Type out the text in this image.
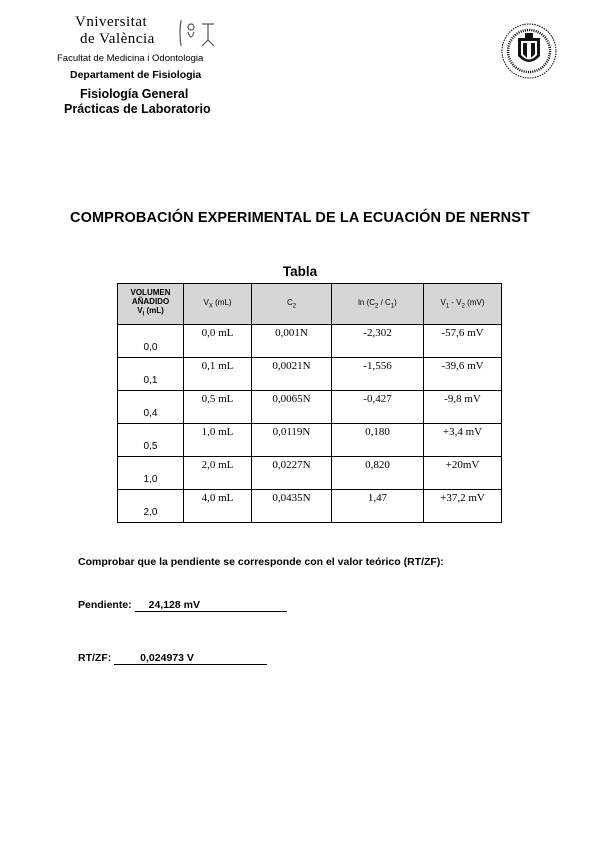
Vniversitat
de València
Facultat de Medicina i Odontologia
Departament de Fisiologia
Fisiología General
Prácticas de Laboratorio
COMPROBACIÓN EXPERIMENTAL DE LA ECUACIÓN DE NERNST
Tabla
VOLUMEN
AÑADIDO
$V_I$ (mL)	$V_X$ (mL)	$C_2$	$\ln (C_2 / C_1)$	$V_1 - V_2$ (mV)
0,0	0,0 mL	0,001N	-2,302	-57,6 mV

0,1	0,1 mL	0,0021N	-1,556	-39,6 mV

0,4	0,5 mL	0,0065N	-0,427	-9,8 mV

0,5	1,0 mL	0,0119N	0,180	+3,4 mV

1,0	2,0 mL	0,0227N	0,820	+20mV

2,0	4,0 mL	0,0435N	1,47	+37,2 mV
Comprobar que la pendiente se corresponde con el valor teórico (RT/ZF):
Pendiente: 24,128 mV
RT/ZF:	0,024973 V
